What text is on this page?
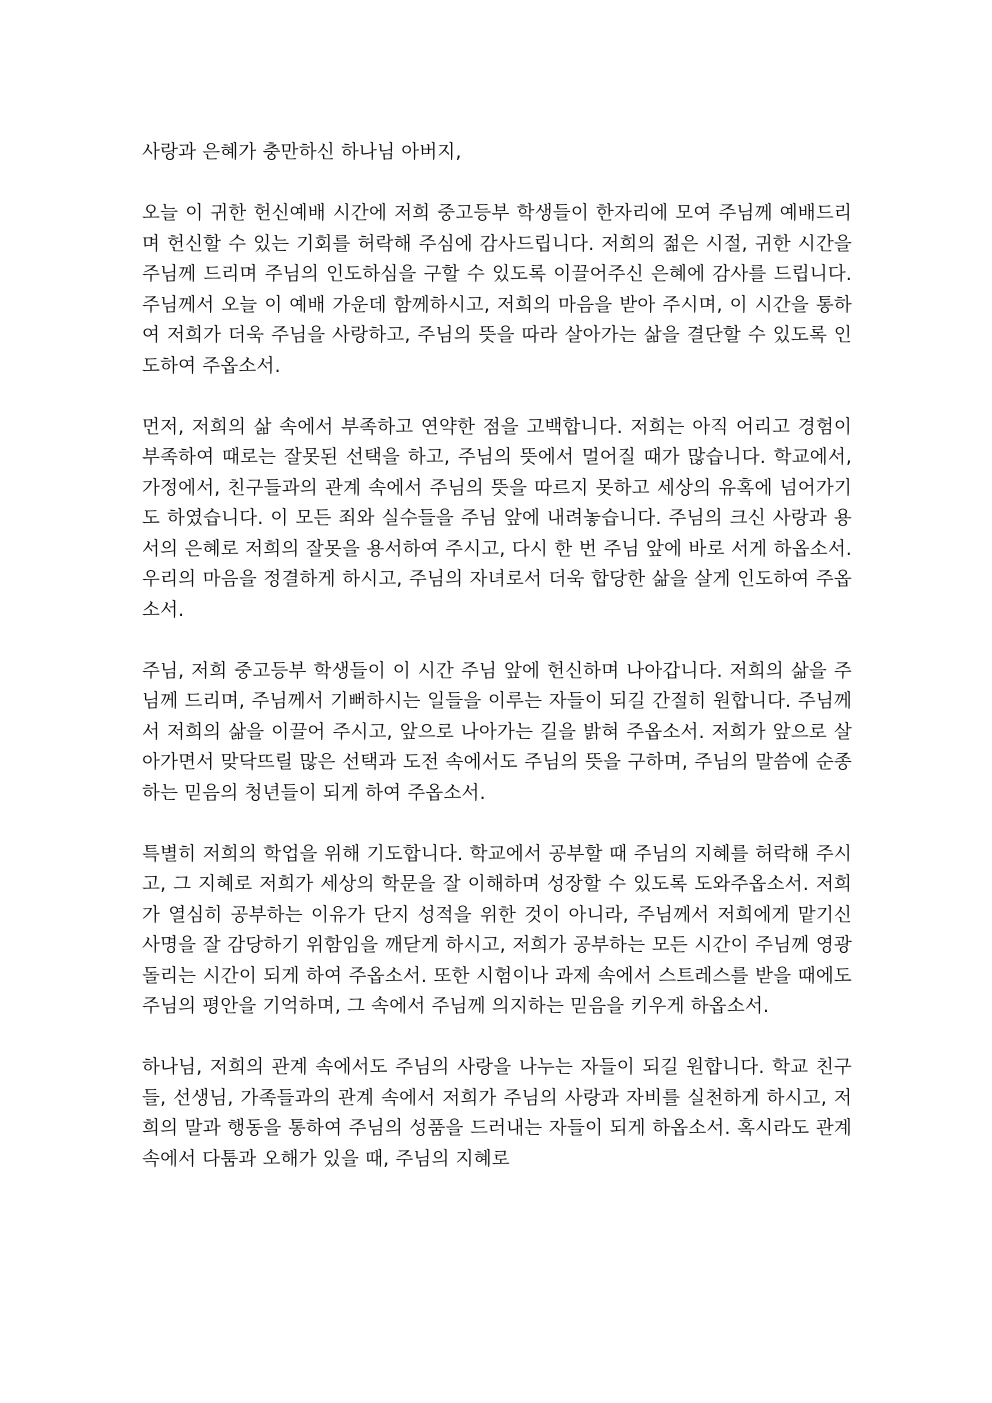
사랑과 은혜가 충만하신 하나님 아버지,

오늘 이 귀한 헌신예배 시간에 저희 중고등부 학생들이 한자리에 모여 주님께 예배드리며 헌신할 수 있는 기회를 허락해 주심에 감사드립니다. 저희의 젊은 시절, 귀한 시간을 주님께 드리며 주님의 인도하심을 구할 수 있도록 이끌어주신 은혜에 감사를 드립니다. 주님께서 오늘 이 예배 가운데 함께하시고, 저희의 마음을 받아 주시며, 이 시간을 통하여 저희가 더욱 주님을 사랑하고, 주님의 뜻을 따라 살아가는 삶을 결단할 수 있도록 인도하여 주옵소서.

먼저, 저희의 삶 속에서 부족하고 연약한 점을 고백합니다. 저희는 아직 어리고 경험이 부족하여 때로는 잘못된 선택을 하고, 주님의 뜻에서 멀어질 때가 많습니다. 학교에서, 가정에서, 친구들과의 관계 속에서 주님의 뜻을 따르지 못하고 세상의 유혹에 넘어가기도 하였습니다. 이 모든 죄와 실수들을 주님 앞에 내려놓습니다. 주님의 크신 사랑과 용서의 은혜로 저희의 잘못을 용서하여 주시고, 다시 한 번 주님 앞에 바로 서게 하옵소서. 우리의 마음을 정결하게 하시고, 주님의 자녀로서 더욱 합당한 삶을 살게 인도하여 주옵소서.

주님, 저희 중고등부 학생들이 이 시간 주님 앞에 헌신하며 나아갑니다. 저희의 삶을 주님께 드리며, 주님께서 기뻐하시는 일들을 이루는 자들이 되길 간절히 원합니다. 주님께서 저희의 삶을 이끌어 주시고, 앞으로 나아가는 길을 밝혀 주옵소서. 저희가 앞으로 살아가면서 맞닥뜨릴 많은 선택과 도전 속에서도 주님의 뜻을 구하며, 주님의 말씀에 순종하는 믿음의 청년들이 되게 하여 주옵소서.

특별히 저희의 학업을 위해 기도합니다. 학교에서 공부할 때 주님의 지혜를 허락해 주시고, 그 지혜로 저희가 세상의 학문을 잘 이해하며 성장할 수 있도록 도와주옵소서. 저희가 열심히 공부하는 이유가 단지 성적을 위한 것이 아니라, 주님께서 저희에게 맡기신 사명을 잘 감당하기 위함임을 깨닫게 하시고, 저희가 공부하는 모든 시간이 주님께 영광 돌리는 시간이 되게 하여 주옵소서. 또한 시험이나 과제 속에서 스트레스를 받을 때에도 주님의 평안을 기억하며, 그 속에서 주님께 의지하는 믿음을 키우게 하옵소서.

하나님, 저희의 관계 속에서도 주님의 사랑을 나누는 자들이 되길 원합니다. 학교 친구들, 선생님, 가족들과의 관계 속에서 저희가 주님의 사랑과 자비를 실천하게 하시고, 저희의 말과 행동을 통하여 주님의 성품을 드러내는 자들이 되게 하옵소서. 혹시라도 관계 속에서 다툼과 오해가 있을 때, 주님의 지혜로
